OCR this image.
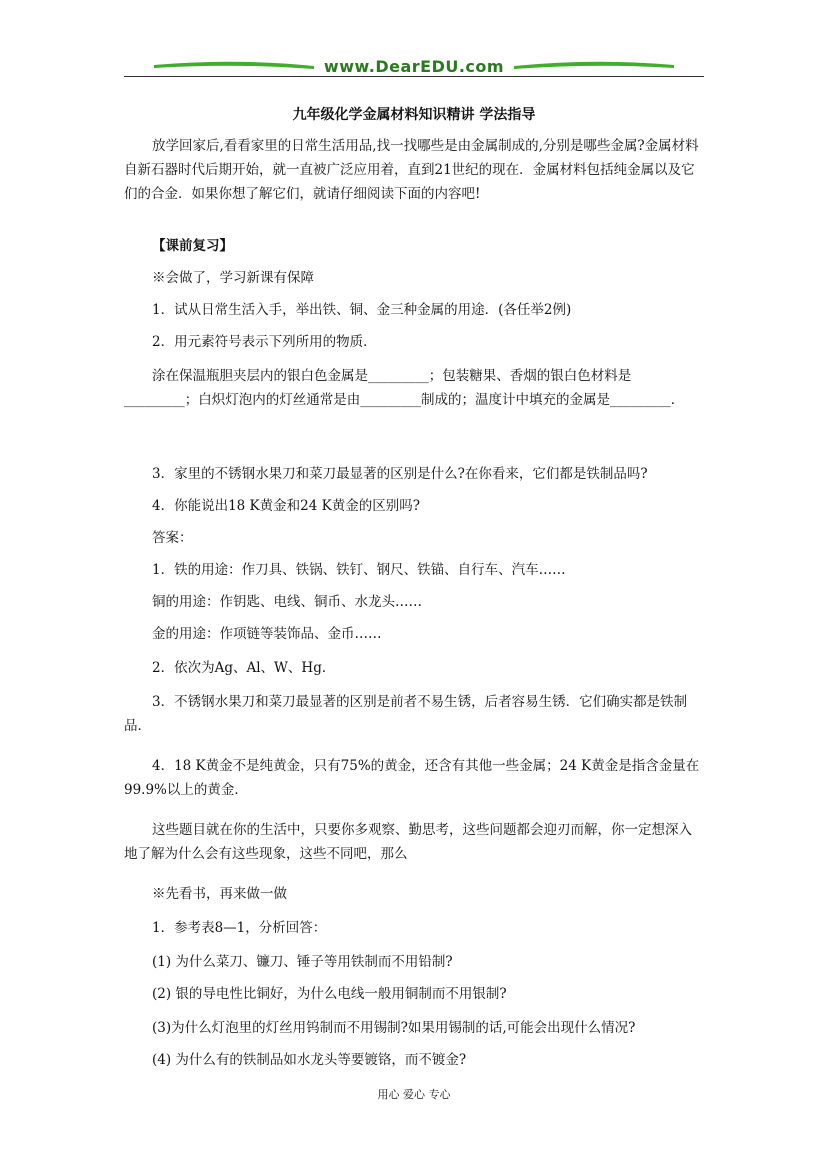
www.DearEDU.com
九年级化学金属材料知识精讲 学法指导

放学回家后,看看家里的日常生活用品,找一找哪些是由金属制成的,分别是哪些金属?金属材料自新石器时代后期开始，就一直被广泛应用着，直到21世纪的现在．金属材料包括纯金属以及它们的合金．如果你想了解它们，就请仔细阅读下面的内容吧!

【课前复习】

※会做了，学习新课有保障

1．试从日常生活入手，举出铁、铜、金三种金属的用途．(各任举2例)

2．用元素符号表示下列所用的物质．

涂在保温瓶胆夹层内的银白色金属是_________；包装糖果、香烟的银白色材料是_________；白炽灯泡内的灯丝通常是由_________制成的；温度计中填充的金属是_________．

3．家里的不锈钢水果刀和菜刀最显著的区别是什么?在你看来，它们都是铁制品吗?

4．你能说出18 K黄金和24 K黄金的区别吗?

答案：

1．铁的用途：作刀具、铁锅、铁钉、钢尺、铁锚、自行车、汽车……

铜的用途：作钥匙、电线、铜币、水龙头……

金的用途：作项链等装饰品、金币……

2．依次为Ag、Al、W、Hg．

3．不锈钢水果刀和菜刀最显著的区别是前者不易生锈，后者容易生锈．它们确实都是铁制品．

4．18 K黄金不是纯黄金，只有75%的黄金，还含有其他一些金属；24 K黄金是指含金量在99.9%以上的黄金．

这些题目就在你的生活中，只要你多观察、勤思考，这些问题都会迎刃而解，你一定想深入地了解为什么会有这些现象，这些不同吧，那么

※先看书，再来做一做

1．参考表8—1，分析回答：

(1) 为什么菜刀、镰刀、锤子等用铁制而不用铅制?

(2) 银的导电性比铜好，为什么电线一般用铜制而不用银制?

(3)为什么灯泡里的灯丝用钨制而不用锡制?如果用锡制的话,可能会出现什么情况?

(4) 为什么有的铁制品如水龙头等要镀铬，而不镀金?

用心 爱心 专心
